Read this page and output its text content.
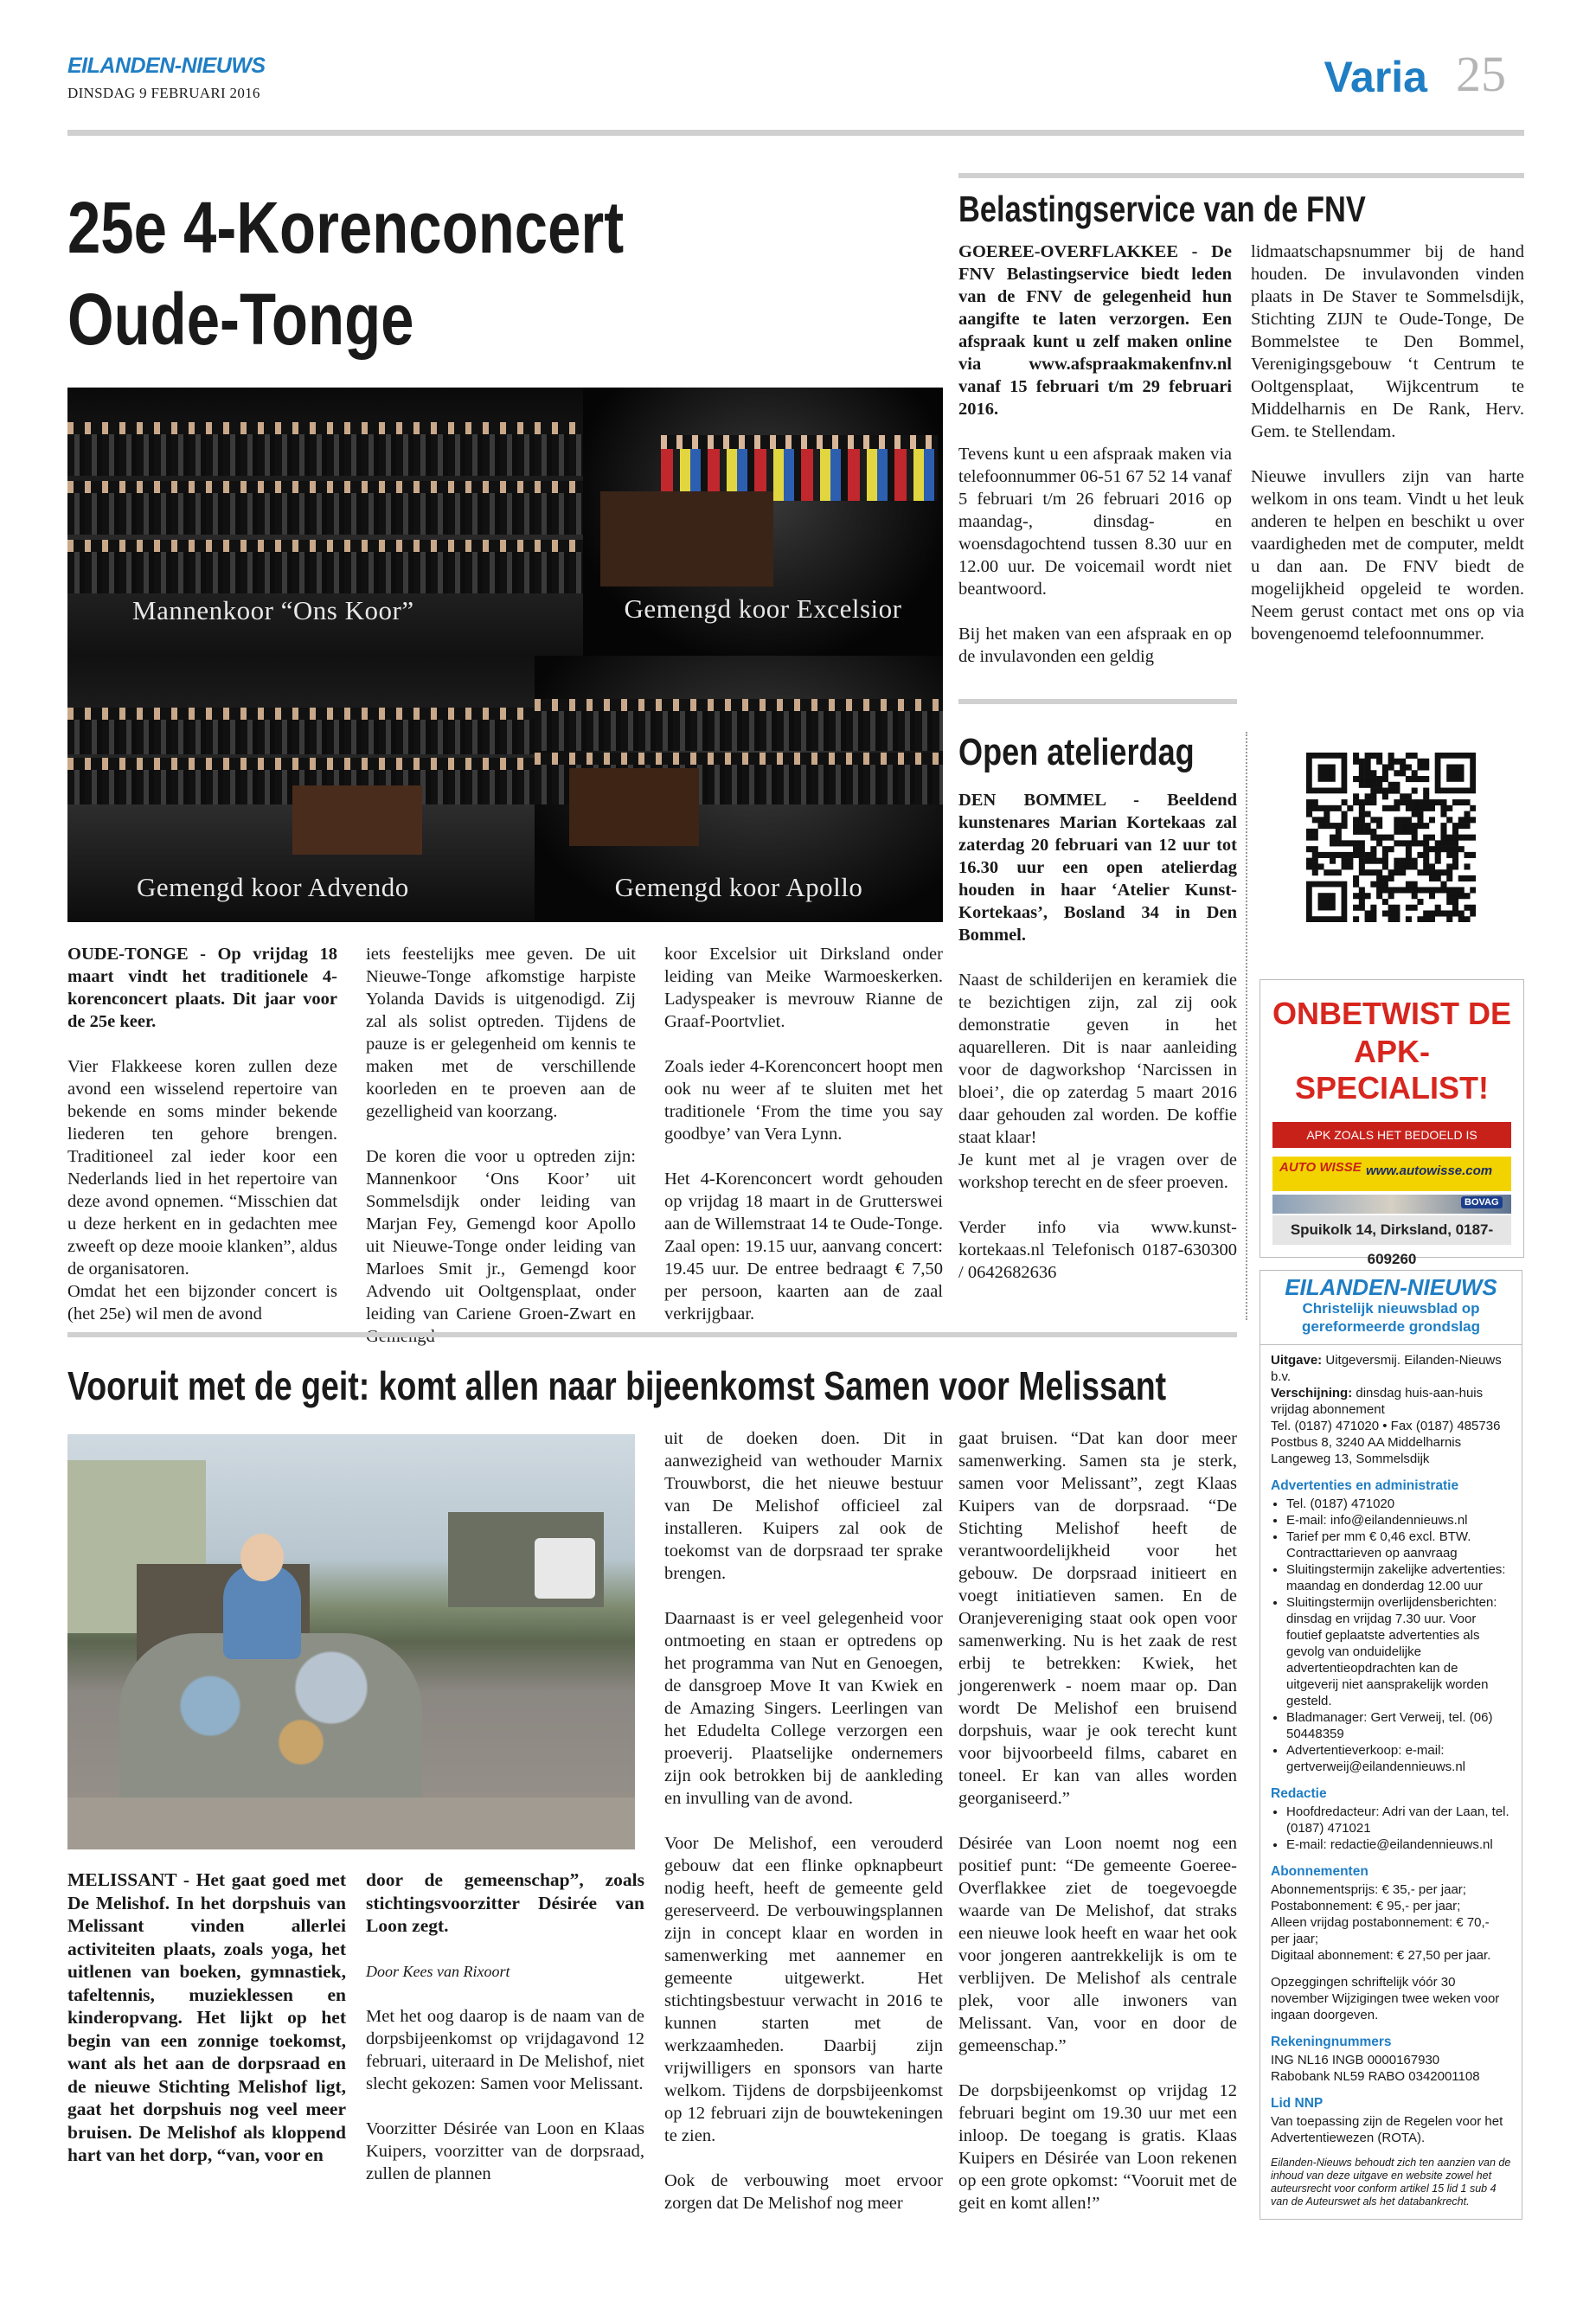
EILANDEN-NIEUWS
DINSDAG 9 FEBRUARI 2016	Varia 25
25e 4-Korenconcert
Oude-Tonge
Mannenkoor “Ons Koor”	Gemengd koor Excelsior
Gemengd koor Advendo	Gemengd koor Apollo

OUDE-TONGE - Op vrijdag 18 maart vindt het traditionele 4-korenconcert plaats. Dit jaar voor de 25e keer.

Vier Flakkeese koren zullen deze avond een wisselend repertoire van bekende en soms minder bekende liederen ten gehore brengen. Traditioneel zal ieder koor een Nederlands lied in het repertoire van deze avond opnemen. “Misschien dat u deze herkent en in gedachten mee zweeft op deze mooie klanken”, aldus de organisatoren.

Omdat het een bijzonder concert is (het 25e) wil men de avond

iets feestelijks mee geven. De uit Nieuwe-Tonge afkomstige harpiste Yolanda Davids is uitgenodigd. Zij zal als solist optreden. Tijdens de pauze is er gelegenheid om kennis te maken met de verschillende koorleden en te proeven aan de gezelligheid van koorzang.

De koren die voor u optreden zijn: Mannenkoor ‘Ons Koor’ uit Sommelsdijk onder leiding van Marjan Fey, Gemengd koor Apollo uit Nieuwe-Tonge onder leiding van Marloes Smit jr., Gemengd koor Advendo uit Ooltgensplaat, onder leiding van Cariene Groen-Zwart en

koor Excelsior uit Dirksland onder leiding van Meike Warmoeskerken. Ladyspeaker is mevrouw Rianne de Graaf-Poortvliet.

Zoals ieder 4-Korenconcert hoopt men ook nu weer af te sluiten met het traditionele ‘From the time you say goodbye’ van Vera Lynn.

Het 4-Korenconcert wordt gehouden op vrijdag 18 maart in de Grutterswei aan de Willemstraat 14 te Oude-Tonge. Zaal open: 19.15 uur, aanvang concert: 19.45 uur. De entree bedraagt € 7,50 per persoon, kaarten aan de zaal verkrijgbaar.

Belastingservice van de FNV

GOEREE-OVERFLAKKEE - De FNV Belastingservice biedt leden van de FNV de gelegenheid hun aangifte te laten verzorgen. Een afspraak kunt u zelf maken online via www.afspraakmakenfnv.nl vanaf 15 februari t/m 29 februari 2016.

Tevens kunt u een afspraak maken via telefoonnummer 06-51 67 52 14 vanaf 5 februari t/m 26 februari 2016 op maandag-, dinsdag- en woensdagochtend tussen 8.30 uur en 12.00 uur. De voicemail wordt niet beantwoord.

Bij het maken van een afspraak en op de invulavonden een geldig

lidmaatschapsnummer bij de hand houden. De invulavonden vinden plaats in De Staver te Sommelsdijk, Stichting ZIJN te Oude-Tonge, De Bommelstee te Den Bommel, Verenigingsgebouw ‘t Centrum te Ooltgensplaat, Wijkcentrum te Middelharnis en De Rank, Herv. Gem. te Stellendam.

Nieuwe invullers zijn van harte welkom in ons team. Vindt u het leuk anderen te helpen en beschikt u over vaardigheden met de computer, meldt u dan aan. De FNV biedt de mogelijkheid opgeleid te worden. Neem gerust contact met ons op via bovengenoemd telefoonnummer.

Open atelierdag

DEN BOMMEL - Beeldend kunstenares Marian Kortekaas zal zaterdag 20 februari van 12 uur tot 16.30 uur een open atelierdag houden in haar ‘Atelier Kunst-Kortekaas’, Bosland 34 in Den Bommel.

Naast de schilderijen en keramiek die te bezichtigen zijn, zal zij ook demonstratie geven in het aquarelleren. Dit is naar aanleiding voor de dagworkshop ‘Narcissen in bloei’, die op zaterdag 5 maart 2016 daar gehouden zal worden. De koffie staat klaar!

Je kunt met al je vragen over de workshop terecht en de sfeer proeven.

Verder info via www.kunst-kortekaas.nl Telefonisch 0187-630300 / 0642682636

ONBETWIST DE
APK-SPECIALIST!
APK ZOALS HET BEDOELD IS
AUTO WISSE www.autowisse.com
Spuikolk 14, Dirksland, 0187-609260
BOVAG
EILANDEN-NIEUWS
Christelijk nieuwsblad op gereformeerde grondslag
Uitgave: Uitgeversmij. Eilanden-Nieuws b.v.
Verschijning: dinsdag huis-aan-huis vrijdag abonnement
Tel. (0187) 471020 • Fax (0187) 485736
Postbus 8, 3240 AA Middelharnis
Langeweg 13, Sommelsdijk
Advertenties en administratie
• Tel. (0187) 471020
• E-mail: info@eilandennieuws.nl
• Tarief per mm € 0,46 excl. BTW. Contracttarieven op aanvraag
• Sluitingstermijn zakelijke advertenties: maandag en donderdag 12.00 uur
• Sluitingstermijn overlijdensberichten: dinsdag en vrijdag 7.30 uur. Voor foutief geplaatste advertenties als gevolg van onduidelijke advertentieopdrachten kan de uitgeverij niet aansprakelijk worden gesteld.
• Bladmanager: Gert Verweij, tel. (06) 50448359
• Advertentieverkoop: e-mail: gertverweij@eilandennieuws.nl
Redactie
• Hoofdredacteur: Adri van der Laan, tel. (0187) 471021
• E-mail: redactie@eilandennieuws.nl
Abonnementen
Abonnementsprijs: € 35,- per jaar;
Postabonnement: € 95,- per jaar;
Alleen vrijdag postabonnement: € 70,- per jaar;
Digitaal abonnement: € 27,50 per jaar.
Opzeggingen schriftelijk vóór 30 november Wijzigingen twee weken voor ingaan doorgeven.
Rekeningnummers
ING NL16 INGB 0000167930
Rabobank NL59 RABO 0342001108
Lid NNP
Van toepassing zijn de Regelen voor het Advertentiewezen (ROTA).
Eilanden-Nieuws behoudt zich ten aanzien van de inhoud van deze uitgave en website zowel het auteursrecht voor conform artikel 15 lid 1 sub 4 van de Auteurswet als het databankrecht.
Vooruit met de geit: komt allen naar bijeenkomst Samen voor Melissant

MELISSANT - Het gaat goed met De Melishof. In het dorpshuis van Melissant vinden allerlei activiteiten plaats, zoals yoga, het uitlenen van boeken, gymnastiek, tafeltennis, muzieklessen en kinderopvang. Het lijkt op het begin van een zonnige toekomst, want als het aan de dorpsraad en de nieuwe Stichting Melishof ligt, gaat het dorpshuis nog veel meer bruisen. De Melishof als kloppend hart van het dorp, “van, voor en

door de gemeenschap”, zoals stichtingsvoorzitter Désirée van Loon zegt.

Door Kees van Rixoort

Met het oog daarop is de naam van de dorpsbijeenkomst op vrijdagavond 12 februari, uiteraard in De Melishof, niet slecht gekozen: Samen voor Melissant.

Voorzitter Désirée van Loon en Klaas Kuipers, voorzitter van de dorpsraad, zullen de plannen

uit de doeken doen. Dit in aanwezigheid van wethouder Marnix Trouwborst, die het nieuwe bestuur van De Melishof officieel zal installeren. Kuipers zal ook de toekomst van de dorpsraad ter sprake brengen.

Daarnaast is er veel gelegenheid voor ontmoeting en staan er optredens op het programma van Nut en Genoegen, de dansgroep Move It van Kwiek en de Amazing Singers. Leerlingen van het Edudelta College verzorgen een proeverij. Plaatselijke ondernemers zijn ook betrokken bij de aankleding en invulling van de avond.

Voor De Melishof, een verouderd gebouw dat een flinke opknapbeurt nodig heeft, heeft de gemeente geld gereserveerd. De verbouwingsplannen zijn in concept klaar en worden in samenwerking met aannemer en gemeente uitgewerkt. Het stichtingsbestuur verwacht in 2016 te kunnen starten met de werkzaamheden. Daarbij zijn vrijwilligers en sponsors van harte welkom. Tijdens de dorpsbijeenkomst op 12 februari zijn de bouwtekeningen te zien.

Ook de verbouwing moet ervoor zorgen dat De Melishof nog meer

gaat bruisen. “Dat kan door meer samenwerking. Samen sta je sterk, samen voor Melissant”, zegt Klaas Kuipers van de dorpsraad. “De Stichting Melishof heeft de verantwoordelijkheid voor het gebouw. De dorpsraad initieert en voegt initiatieven samen. En de Oranjevereniging staat ook open voor samenwerking. Nu is het zaak de rest erbij te betrekken: Kwiek, het jongerenwerk - noem maar op. Dan wordt De Melishof een bruisend dorpshuis, waar je ook terecht kunt voor bijvoorbeeld films, cabaret en toneel. Er kan van alles worden georganiseerd.”

Désirée van Loon noemt nog een positief punt: “De gemeente Goeree-Overflakkee ziet de toegevoegde waarde van De Melishof, dat straks een nieuwe look heeft en waar het ook voor jongeren aantrekkelijk is om te verblijven. De Melishof als centrale plek, voor alle inwoners van Melissant. Van, voor en door de gemeenschap.”

De dorpsbijeenkomst op vrijdag 12 februari begint om 19.30 uur met een inloop. De toegang is gratis. Klaas Kuipers en Désirée van Loon rekenen op een grote opkomst: “Vooruit met de geit en komt allen!”
